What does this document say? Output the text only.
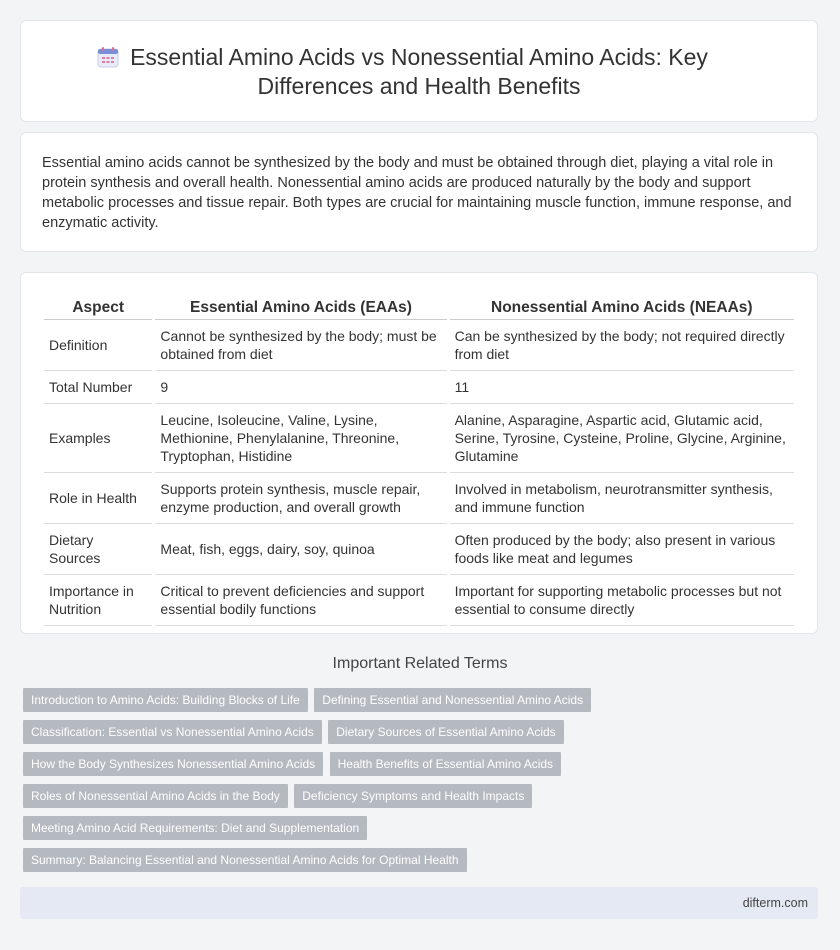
Essential Amino Acids vs Nonessential Amino Acids: Key Differences and Health Benefits

Essential amino acids cannot be synthesized by the body and must be obtained through diet, playing a vital role in protein synthesis and overall health. Nonessential amino acids are produced naturally by the body and support metabolic processes and tissue repair. Both types are crucial for maintaining muscle function, immune response, and enzymatic activity.

Aspect	Essential Amino Acids (EAAs)	Nonessential Amino Acids (NEAAs)
Definition	Cannot be synthesized by the body; must be obtained from diet	Can be synthesized by the body; not required directly from diet
Total Number	9	11
Examples	Leucine, Isoleucine, Valine, Lysine, Methionine, Phenylalanine, Threonine, Tryptophan, Histidine	Alanine, Asparagine, Aspartic acid, Glutamic acid, Serine, Tyrosine, Cysteine, Proline, Glycine, Arginine, Glutamine
Role in Health	Supports protein synthesis, muscle repair, enzyme production, and overall growth	Involved in metabolism, neurotransmitter synthesis, and immune function
Dietary Sources	Meat, fish, eggs, dairy, soy, quinoa	Often produced by the body; also present in various foods like meat and legumes
Importance in Nutrition	Critical to prevent deficiencies and support essential bodily functions	Important for supporting metabolic processes but not essential to consume directly
Important Related Terms
Introduction to Amino Acids: Building Blocks of Life Defining Essential and Nonessential Amino Acids
Classification: Essential vs Nonessential Amino Acids Dietary Sources of Essential Amino Acids
How the Body Synthesizes Nonessential Amino Acids Health Benefits of Essential Amino Acids
Roles of Nonessential Amino Acids in the Body Deficiency Symptoms and Health Impacts
Meeting Amino Acid Requirements: Diet and Supplementation
Summary: Balancing Essential and Nonessential Amino Acids for Optimal Health
difterm.com
